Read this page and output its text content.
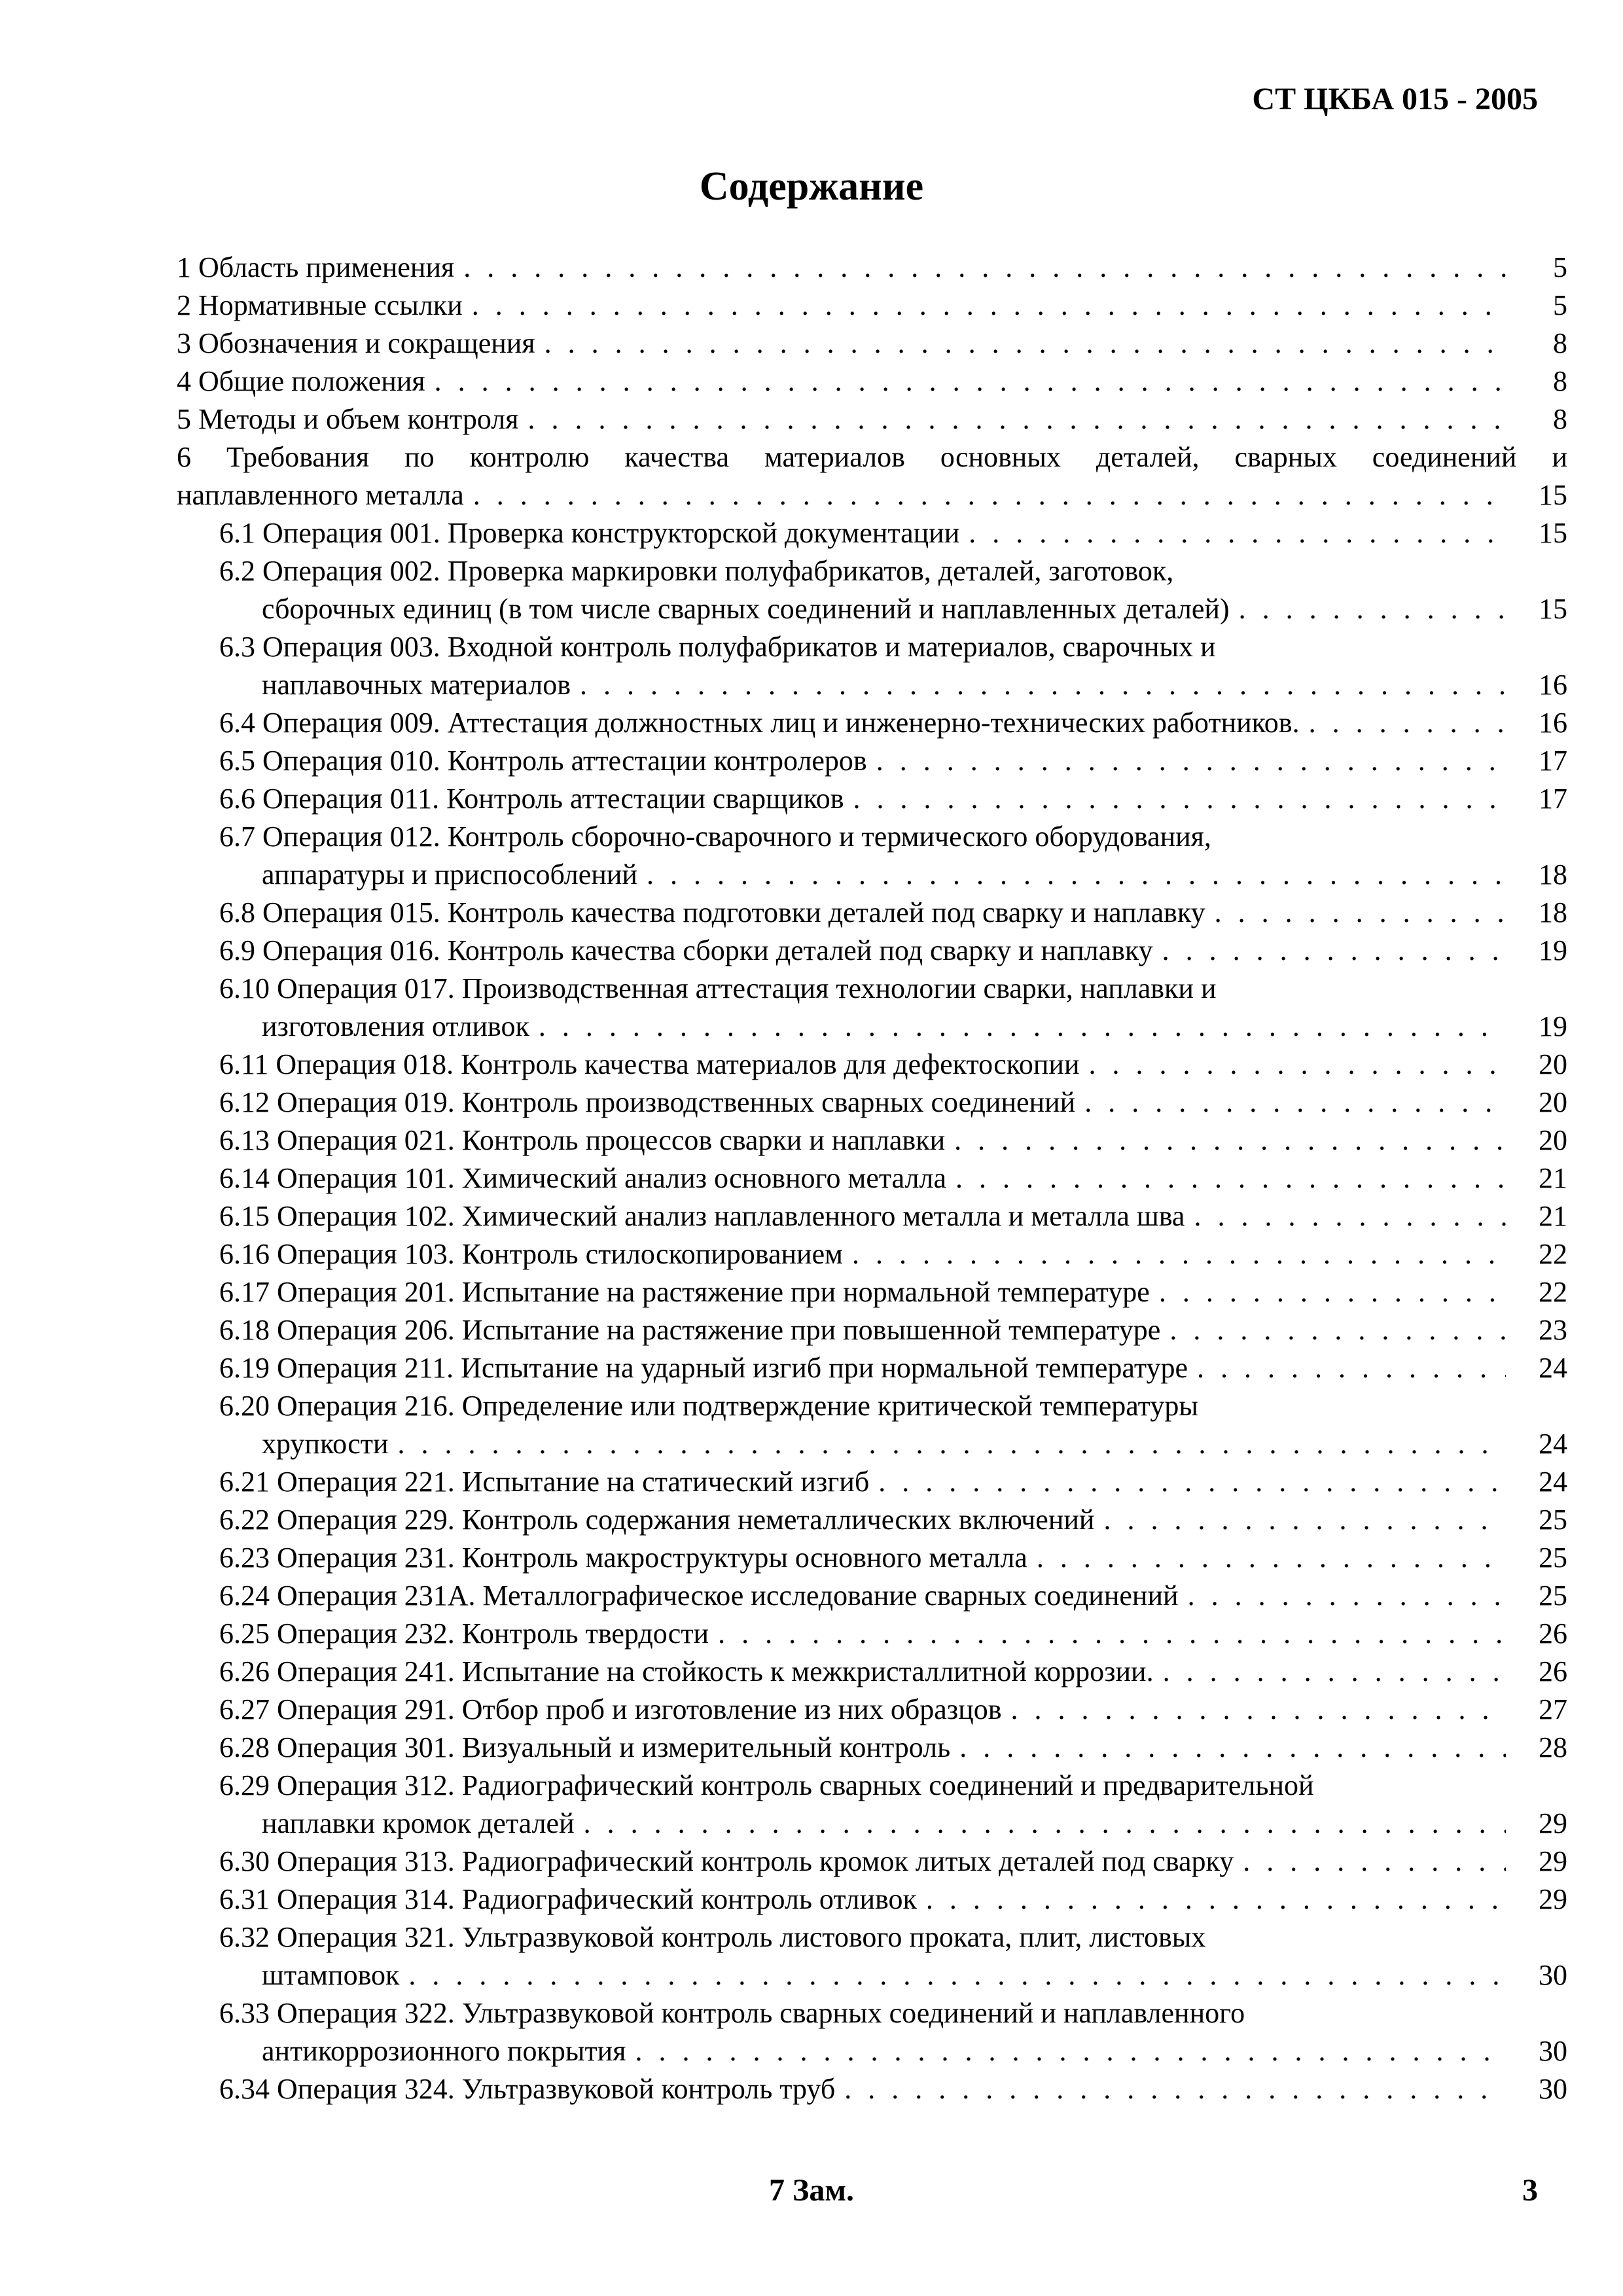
СТ ЦКБА 015 - 2005

Содержание
1 Область применения . . .	5
2 Нормативные ссылки . . .	5
3 Обозначения и сокращения . . .	8
4 Общие положения . . .	8
5 Методы и объем контроля . . .	8
6 Требования по контролю качества материалов основных деталей, сварных соединений и
наплавленного металла . . .	15
6.1 Операция 001. Проверка конструкторской документации . . .	15
6.2 Операция 002. Проверка маркировки полуфабрикатов, деталей, заготовок,
сборочных единиц (в том числе сварных соединений и наплавленных деталей) . . .	15
6.3 Операция 003. Входной контроль полуфабрикатов и материалов, сварочных и
наплавочных материалов . . .	16
6.4 Операция 009. Аттестация должностных лиц и инженерно-технических работников. . . .	16
6.5 Операция 010. Контроль аттестации контролеров . . .	17
6.6 Операция 011. Контроль аттестации сварщиков . . .	17
6.7 Операция 012. Контроль сборочно-сварочного и термического оборудования,
аппаратуры и приспособлений . . .	18
6.8 Операция 015. Контроль качества подготовки деталей под сварку и наплавку . . .	18
6.9 Операция 016. Контроль качества сборки деталей под сварку и наплавку . . .	19
6.10 Операция 017. Производственная аттестация технологии сварки, наплавки и
изготовления отливок . . .	19
6.11 Операция 018. Контроль качества материалов для дефектоскопии . . .	20
6.12 Операция 019. Контроль производственных сварных соединений . . .	20
6.13 Операция 021. Контроль процессов сварки и наплавки . . .	20
6.14 Операция 101. Химический анализ основного металла . . .	21
6.15 Операция 102. Химический анализ наплавленного металла и металла шва . . .	21
6.16 Операция 103. Контроль стилоскопированием . . .	22
6.17 Операция 201. Испытание на растяжение при нормальной температуре . . .	22
6.18 Операция 206. Испытание на растяжение при повышенной температуре . . .	23
6.19 Операция 211. Испытание на ударный изгиб при нормальной температуре . . .	24
6.20 Операция 216. Определение или подтверждение критической температуры
хрупкости . . .	24
6.21 Операция 221. Испытание на статический изгиб . . .	24
6.22 Операция 229. Контроль содержания неметаллических включений . . .	25
6.23 Операция 231. Контроль макроструктуры основного металла . . .	25
6.24 Операция 231А. Металлографическое исследование сварных соединений . . .	25
6.25 Операция 232. Контроль твердости . . .	26
6.26 Операция 241. Испытание на стойкость к межкристаллитной коррозии. . . .	26
6.27 Операция 291. Отбор проб и изготовление из них образцов . . .	27
6.28 Операция 301. Визуальный и измерительный контроль . . .	28
6.29 Операция 312. Радиографический контроль сварных соединений и предварительной
наплавки кромок деталей . . .	29
6.30 Операция 313. Радиографический контроль кромок литых деталей под сварку . . .	29
6.31 Операция 314. Радиографический контроль отливок . . .	29
6.32 Операция 321. Ультразвуковой контроль листового проката, плит, листовых
штамповок . . .	30
6.33 Операция 322. Ультразвуковой контроль сварных соединений и наплавленного
антикоррозионного покрытия . . .	30
6.34 Операция 324. Ультразвуковой контроль труб . . .	30

7 Зам.	3
